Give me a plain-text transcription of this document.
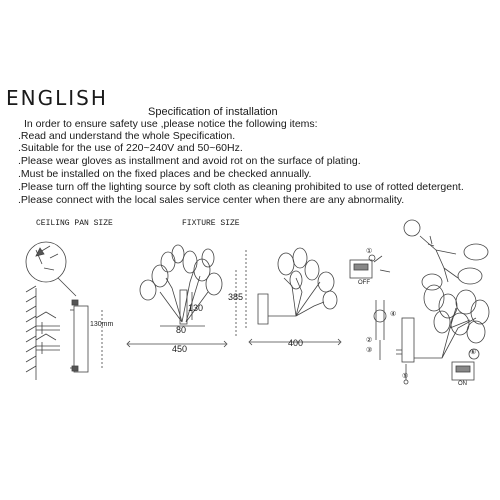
ENGLISH
Specification of installation
In order to ensure safety use ,please notice the following items:
.Read and understand the whole Specification.
.Suitable for the use of 220~240V and 50~60Hz.
.Please wear gloves as installment and avoid rot on the surface of plating.
.Must be installed on the fixed places and be checked annually.
.Please turn off the lighting source by soft cloth as cleaning prohibited to use of rotted detergent.
.Please connect with the local sales service center when there are any abnormality.
CEILING PAN SIZE	FIXTURE SIZE
130mm
130
80
450
385
400
OFF
ON
①
②
③
④
⑤
⑥
